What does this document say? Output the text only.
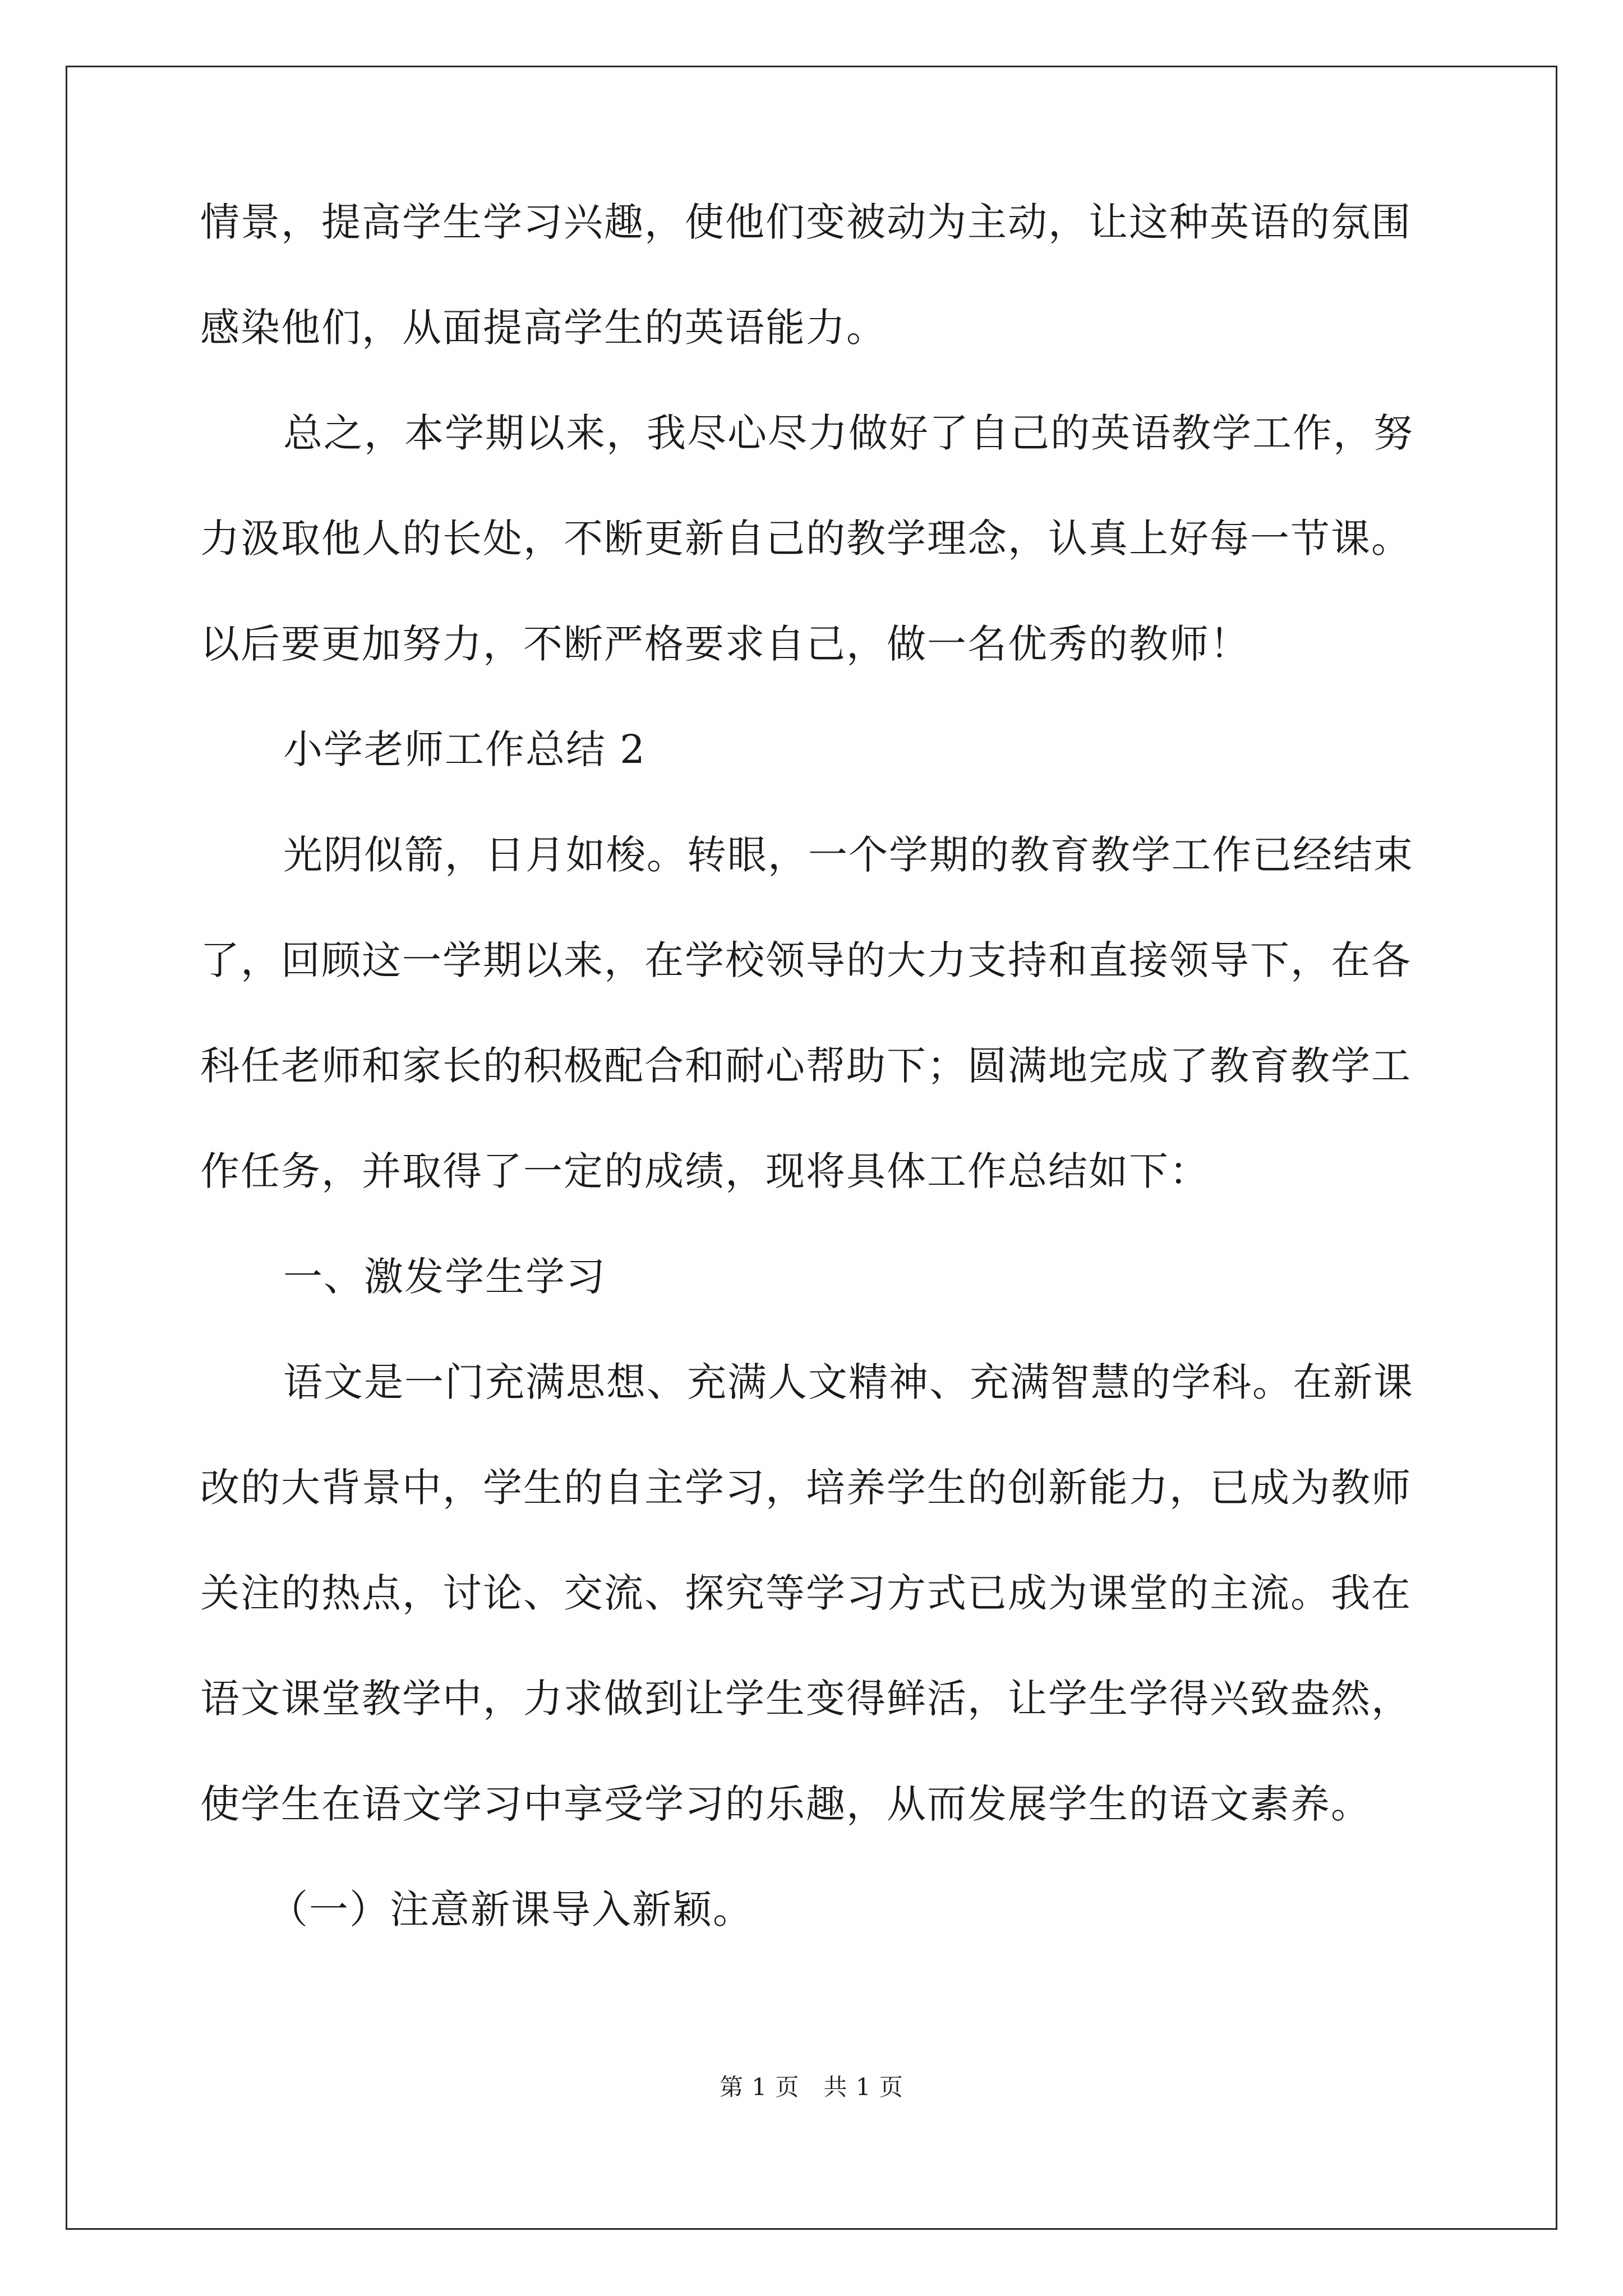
情景，提高学生学习兴趣，使他们变被动为主动，让这种英语的氛围
感染他们，从面提高学生的英语能力。
总之，本学期以来，我尽心尽力做好了自己的英语教学工作，努
力汲取他人的长处，不断更新自己的教学理念，认真上好每一节课。
以后要更加努力，不断严格要求自己，做一名优秀的教师！
小学老师工作总结 2
光阴似箭，日月如梭。转眼，一个学期的教育教学工作已经结束
了，回顾这一学期以来，在学校领导的大力支持和直接领导下，在各
科任老师和家长的积极配合和耐心帮助下；圆满地完成了教育教学工
作任务，并取得了一定的成绩，现将具体工作总结如下：
一、激发学生学习
语文是一门充满思想、充满人文精神、充满智慧的学科。在新课
改的大背景中，学生的自主学习，培养学生的创新能力，已成为教师
关注的热点，讨论、交流、探究等学习方式已成为课堂的主流。我在
语文课堂教学中，力求做到让学生变得鲜活，让学生学得兴致盎然，
使学生在语文学习中享受学习的乐趣，从而发展学生的语文素养。
（一）注意新课导入新颖。
第 1 页　共 1 页
